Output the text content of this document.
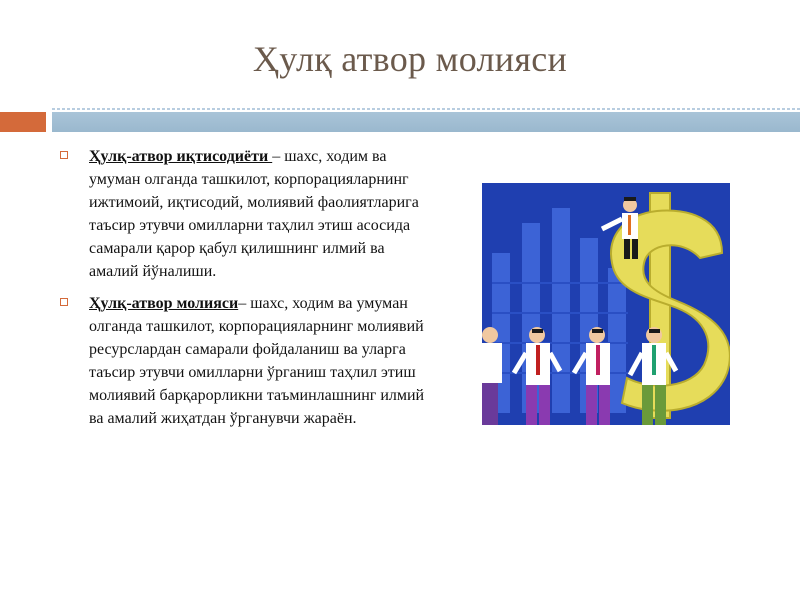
Ҳулқ атвор молияси
Ҳулқ-атвор иқтисодиёти – шахс, ходим ва умуман олганда ташкилот, корпорацияларнинг ижтимоий, иқтисодий, молиявий фаолиятларига таъсир этувчи омилларни таҳлил этиш асосида самарали қарор қабул қилишнинг илмий ва амалий йўналиши.
Ҳулқ-атвор молияси– шахс, ходим ва умуман олганда ташкилот, корпорацияларнинг молиявий ресурслардан самарали фойдаланиш ва уларга таъсир этувчи омилларни ўрганиш таҳлил этиш молиявий барқарорликни таъминлашнинг илмий ва амалий жиҳатдан ўрганувчи жараён.
